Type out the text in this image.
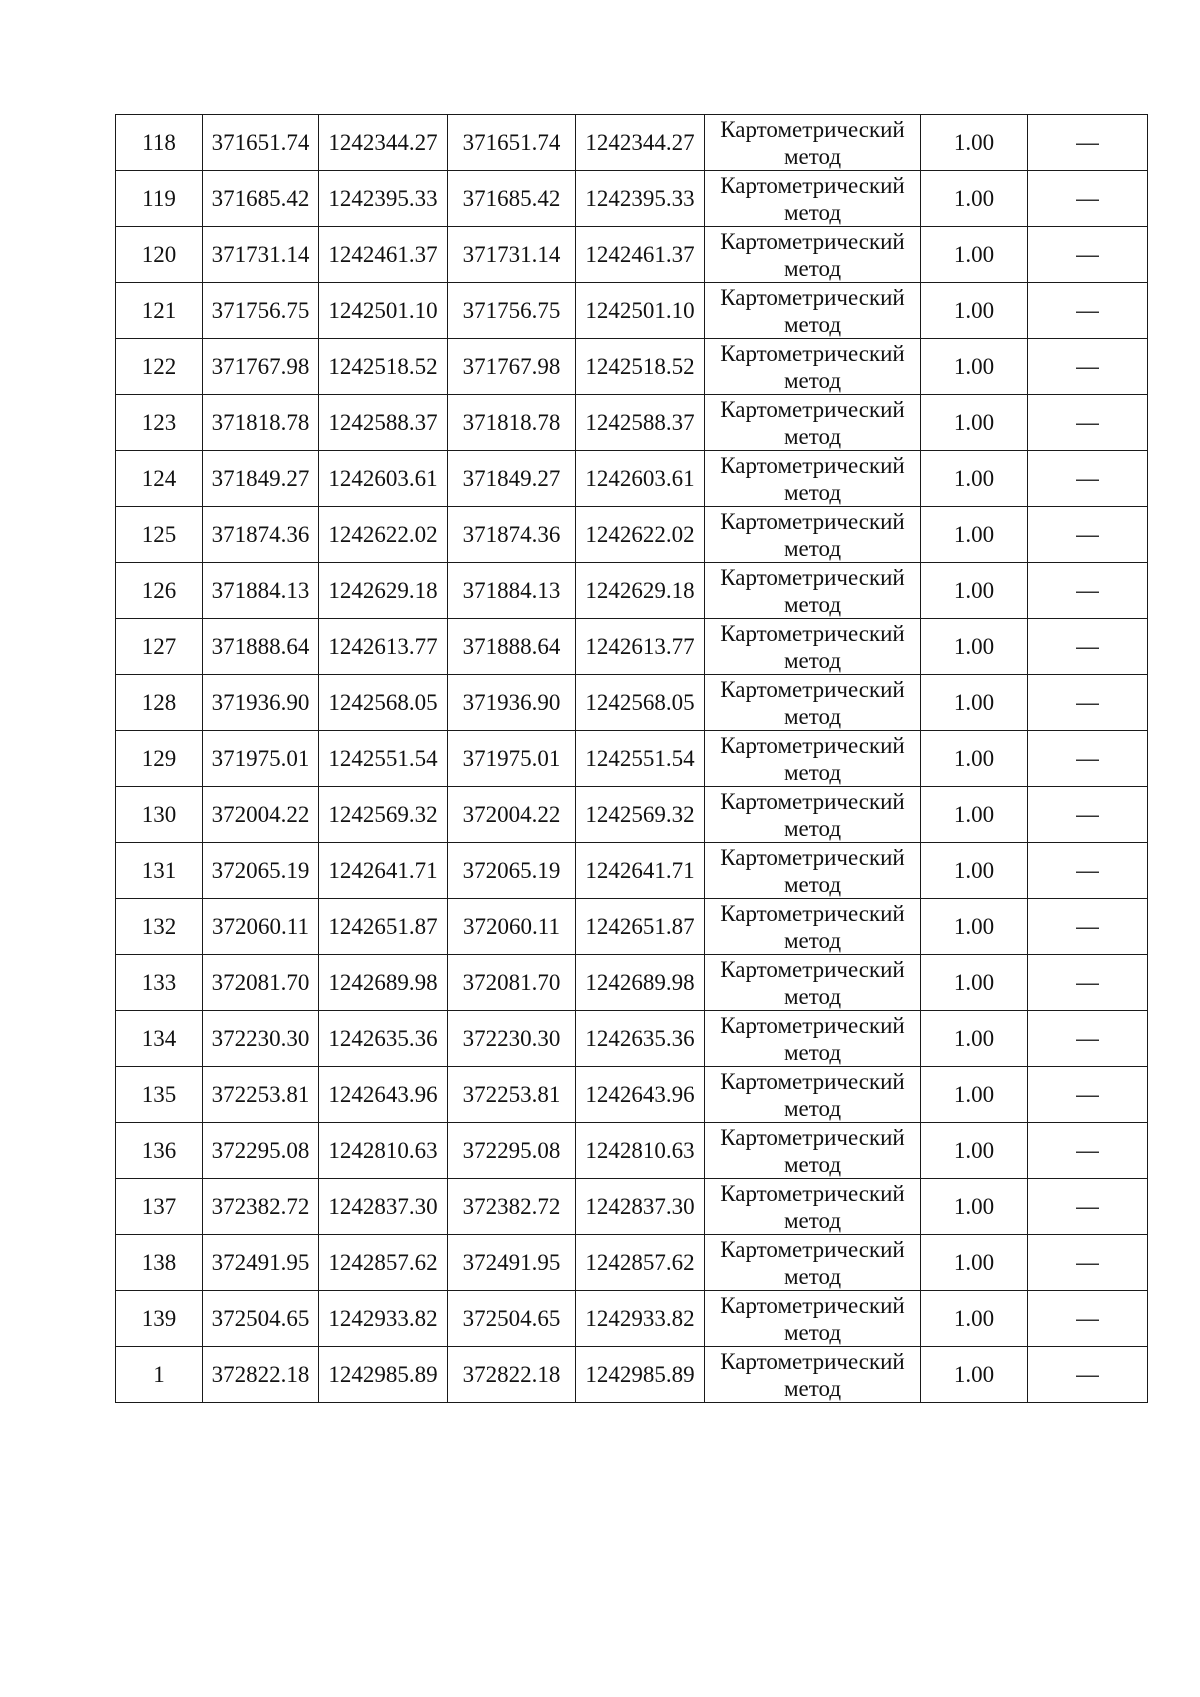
118	371651.74	1242344.27	371651.74	1242344.27	Картометрический
метод	1.00	—
119	371685.42	1242395.33	371685.42	1242395.33	Картометрический
метод	1.00	—
120	371731.14	1242461.37	371731.14	1242461.37	Картометрический
метод	1.00	—
121	371756.75	1242501.10	371756.75	1242501.10	Картометрический
метод	1.00	—
122	371767.98	1242518.52	371767.98	1242518.52	Картометрический
метод	1.00	—
123	371818.78	1242588.37	371818.78	1242588.37	Картометрический
метод	1.00	—
124	371849.27	1242603.61	371849.27	1242603.61	Картометрический
метод	1.00	—
125	371874.36	1242622.02	371874.36	1242622.02	Картометрический
метод	1.00	—
126	371884.13	1242629.18	371884.13	1242629.18	Картометрический
метод	1.00	—
127	371888.64	1242613.77	371888.64	1242613.77	Картометрический
метод	1.00	—
128	371936.90	1242568.05	371936.90	1242568.05	Картометрический
метод	1.00	—
129	371975.01	1242551.54	371975.01	1242551.54	Картометрический
метод	1.00	—
130	372004.22	1242569.32	372004.22	1242569.32	Картометрический
метод	1.00	—
131	372065.19	1242641.71	372065.19	1242641.71	Картометрический
метод	1.00	—
132	372060.11	1242651.87	372060.11	1242651.87	Картометрический
метод	1.00	—
133	372081.70	1242689.98	372081.70	1242689.98	Картометрический
метод	1.00	—
134	372230.30	1242635.36	372230.30	1242635.36	Картометрический
метод	1.00	—
135	372253.81	1242643.96	372253.81	1242643.96	Картометрический
метод	1.00	—
136	372295.08	1242810.63	372295.08	1242810.63	Картометрический
метод	1.00	—
137	372382.72	1242837.30	372382.72	1242837.30	Картометрический
метод	1.00	—
138	372491.95	1242857.62	372491.95	1242857.62	Картометрический
метод	1.00	—
139	372504.65	1242933.82	372504.65	1242933.82	Картометрический
метод	1.00	—
1	372822.18	1242985.89	372822.18	1242985.89	Картометрический
метод	1.00	—
